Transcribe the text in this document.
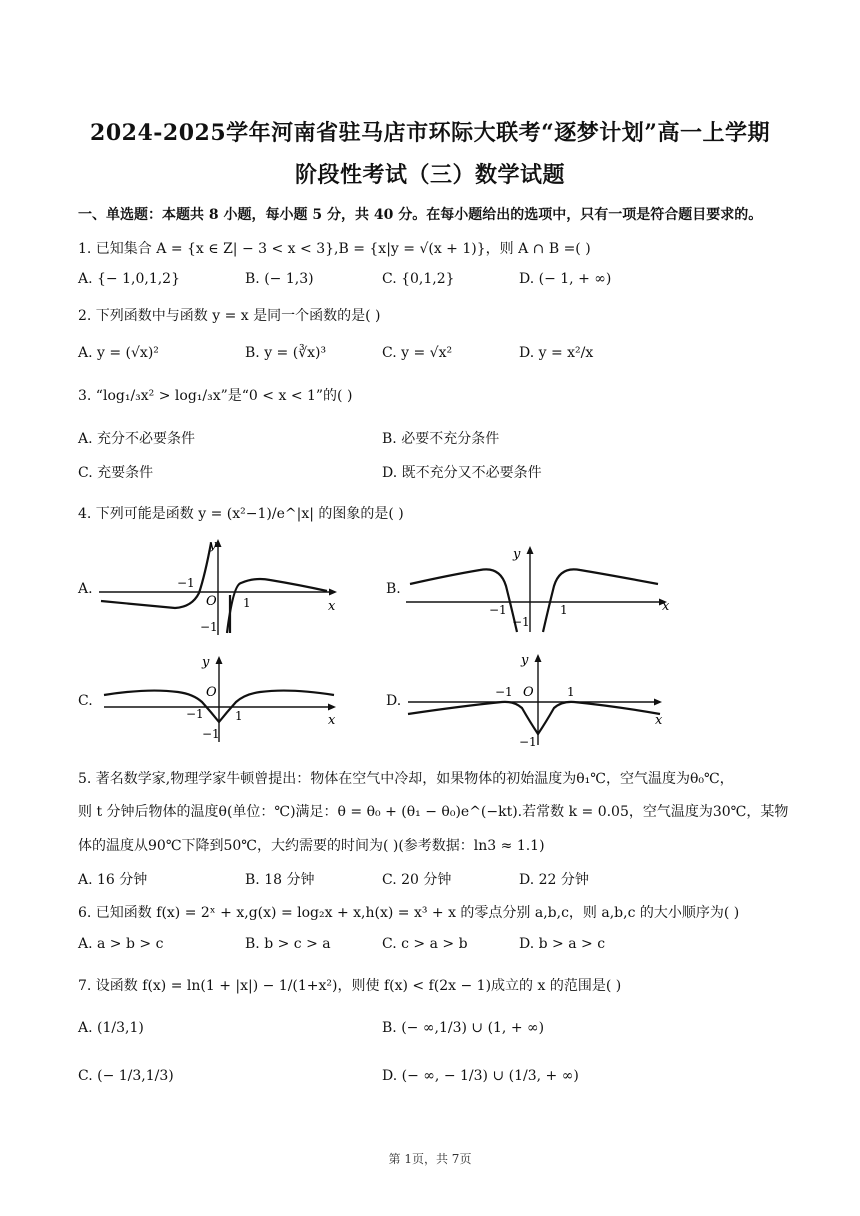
2024-2025学年河南省驻马店市环际大联考“逐梦计划”高一上学期
阶段性考试（三）数学试题
一、单选题：本题共 8 小题，每小题 5 分，共 40 分。在每小题给出的选项中，只有一项是符合题目要求的。
1. 已知集合 A = {x ∈ Z| − 3 < x < 3},B = {x|y = √(x + 1)}，则 A ∩ B =( )
A. {− 1,0,1,2}	B. (− 1,3)	C. {0,1,2}	D. (− 1, + ∞)
2. 下列函数中与函数 y = x 是同一个函数的是( )
A. y = (√x)²	B. y = (∛x)³	C. y = √x²	D. y = x²/x
3. “log₁/₃x² > log₁/₃x”是“0 < x < 1”的( )
A. 充分不必要条件	B. 必要不充分条件
C. 充要条件	D. 既不充分又不必要条件
4. 下列可能是函数 y = (x²−1)/e^|x| 的图象的是( )
A.
O
−1
1
−1
y
x
B.
−1	1
−1
y
x
C.
O
−1	1
−1
y
x
D.
O
−1	1
−1
y
x
5. 著名数学家,物理学家牛顿曾提出：物体在空气中冷却，如果物体的初始温度为θ₁℃，空气温度为θ₀℃，
则 t 分钟后物体的温度θ(单位：℃)满足：θ = θ₀ + (θ₁ − θ₀)e^(−kt).若常数 k = 0.05，空气温度为30℃，某物
体的温度从90℃下降到50℃，大约需要的时间为( )(参考数据：ln3 ≈ 1.1)
A. 16 分钟	B. 18 分钟	C. 20 分钟	D. 22 分钟
6. 已知函数 f(x) = 2ˣ + x,g(x) = log₂x + x,h(x) = x³ + x 的零点分别 a,b,c，则 a,b,c 的大小顺序为( )
A. a > b > c	B. b > c > a	C. c > a > b	D. b > a > c
7. 设函数 f(x) = ln(1 + |x|) − 1/(1+x²)，则使 f(x) < f(2x − 1)成立的 x 的范围是( )
A. (1/3,1)	B. (− ∞,1/3) ∪ (1, + ∞)
C. (− 1/3,1/3)	D. (− ∞, − 1/3) ∪ (1/3, + ∞)
第 1页，共 7页
